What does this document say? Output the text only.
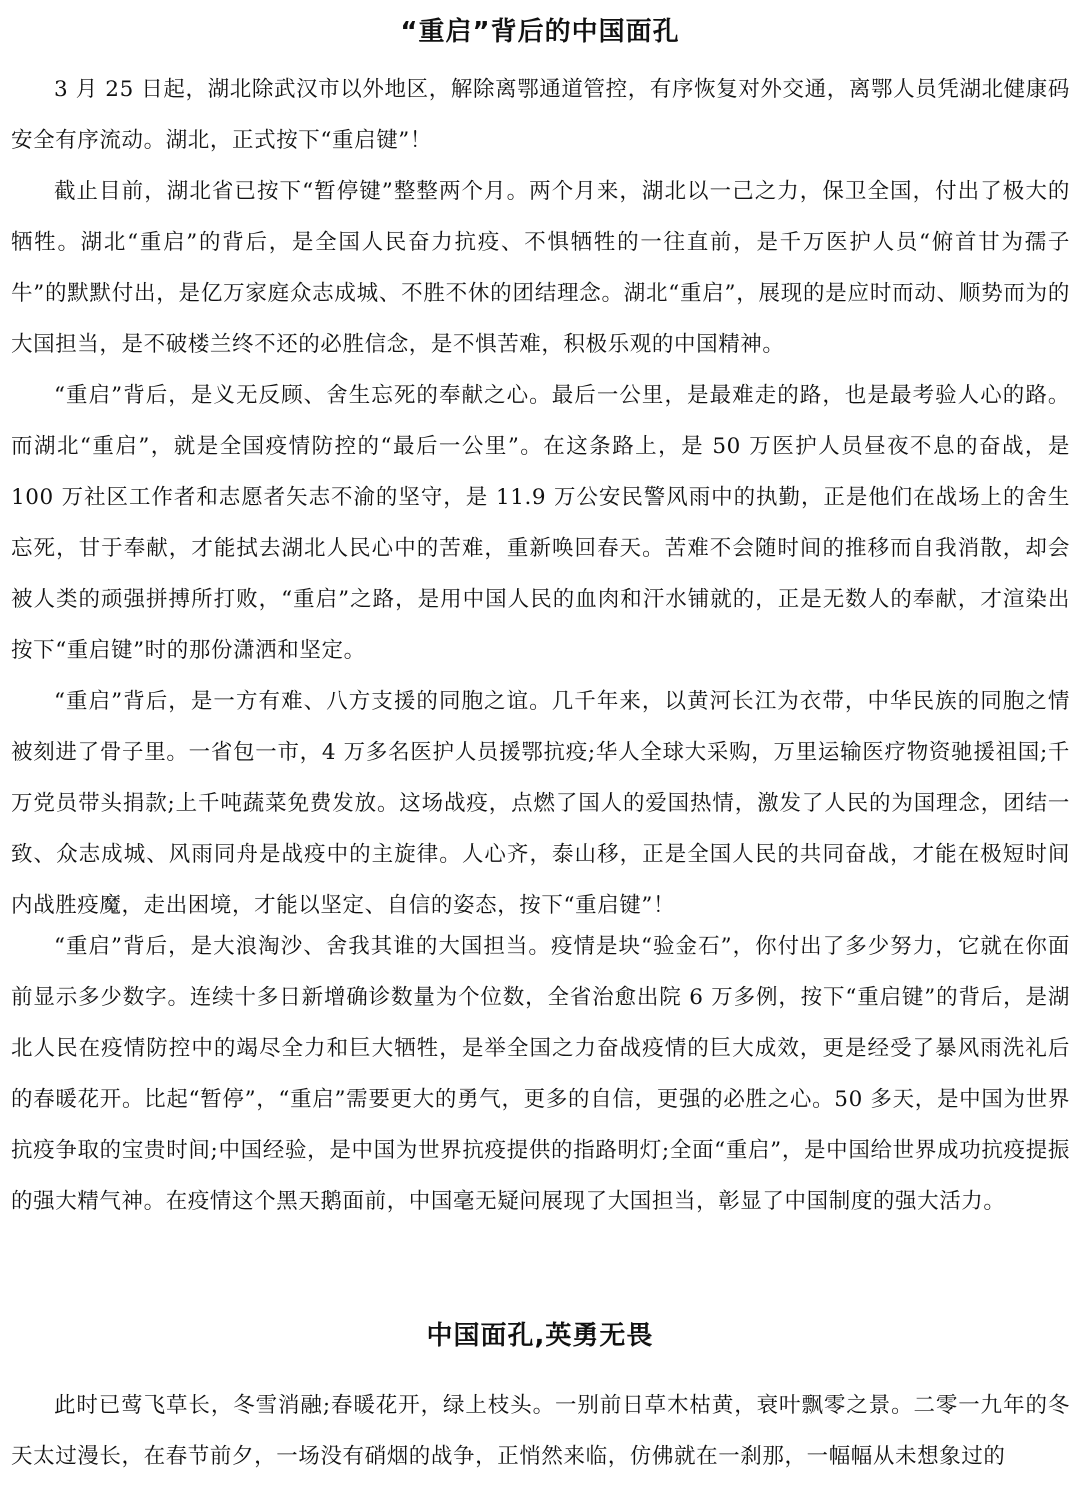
“重启”背后的中国面孔

3 月 25 日起，湖北除武汉市以外地区，解除离鄂通道管控，有序恢复对外交通，离鄂人员凭湖北健康码安全有序流动。湖北，正式按下“重启键”！

截止目前，湖北省已按下“暂停键”整整两个月。两个月来，湖北以一己之力，保卫全国，付出了极大的牺牲。湖北“重启”的背后，是全国人民奋力抗疫、不惧牺牲的一往直前，是千万医护人员“俯首甘为孺子牛”的默默付出，是亿万家庭众志成城、不胜不休的团结理念。湖北“重启”，展现的是应时而动、顺势而为的大国担当，是不破楼兰终不还的必胜信念，是不惧苦难，积极乐观的中国精神。

“重启”背后，是义无反顾、舍生忘死的奉献之心。最后一公里，是最难走的路，也是最考验人心的路。而湖北“重启”，就是全国疫情防控的“最后一公里”。在这条路上，是 50 万医护人员昼夜不息的奋战，是 100 万社区工作者和志愿者矢志不渝的坚守，是 11.9 万公安民警风雨中的执勤，正是他们在战场上的舍生忘死，甘于奉献，才能拭去湖北人民心中的苦难，重新唤回春天。苦难不会随时间的推移而自我消散，却会被人类的顽强拼搏所打败，“重启”之路，是用中国人民的血肉和汗水铺就的，正是无数人的奉献，才渲染出按下“重启键”时的那份潇洒和坚定。

“重启”背后，是一方有难、八方支援的同胞之谊。几千年来，以黄河长江为衣带，中华民族的同胞之情被刻进了骨子里。一省包一市，4 万多名医护人员援鄂抗疫;华人全球大采购，万里运输医疗物资驰援祖国;千万党员带头捐款;上千吨蔬菜免费发放。这场战疫，点燃了国人的爱国热情，激发了人民的为国理念，团结一致、众志成城、风雨同舟是战疫中的主旋律。人心齐，泰山移，正是全国人民的共同奋战，才能在极短时间内战胜疫魔，走出困境，才能以坚定、自信的姿态，按下“重启键”！

“重启”背后，是大浪淘沙、舍我其谁的大国担当。疫情是块“验金石”，你付出了多少努力，它就在你面前显示多少数字。连续十多日新增确诊数量为个位数，全省治愈出院 6 万多例，按下“重启键”的背后，是湖北人民在疫情防控中的竭尽全力和巨大牺牲，是举全国之力奋战疫情的巨大成效，更是经受了暴风雨洗礼后的春暖花开。比起“暂停”，“重启”需要更大的勇气，更多的自信，更强的必胜之心。50 多天，是中国为世界抗疫争取的宝贵时间;中国经验，是中国为世界抗疫提供的指路明灯;全面“重启”，是中国给世界成功抗疫提振的强大精气神。在疫情这个黑天鹅面前，中国毫无疑问展现了大国担当，彰显了中国制度的强大活力。

中国面孔,英勇无畏

此时已莺飞草长，冬雪消融;春暖花开，绿上枝头。一别前日草木枯黄，衰叶飘零之景。二零一九年的冬天太过漫长，在春节前夕，一场没有硝烟的战争，正悄然来临，仿佛就在一刹那，一幅幅从未想象过的
